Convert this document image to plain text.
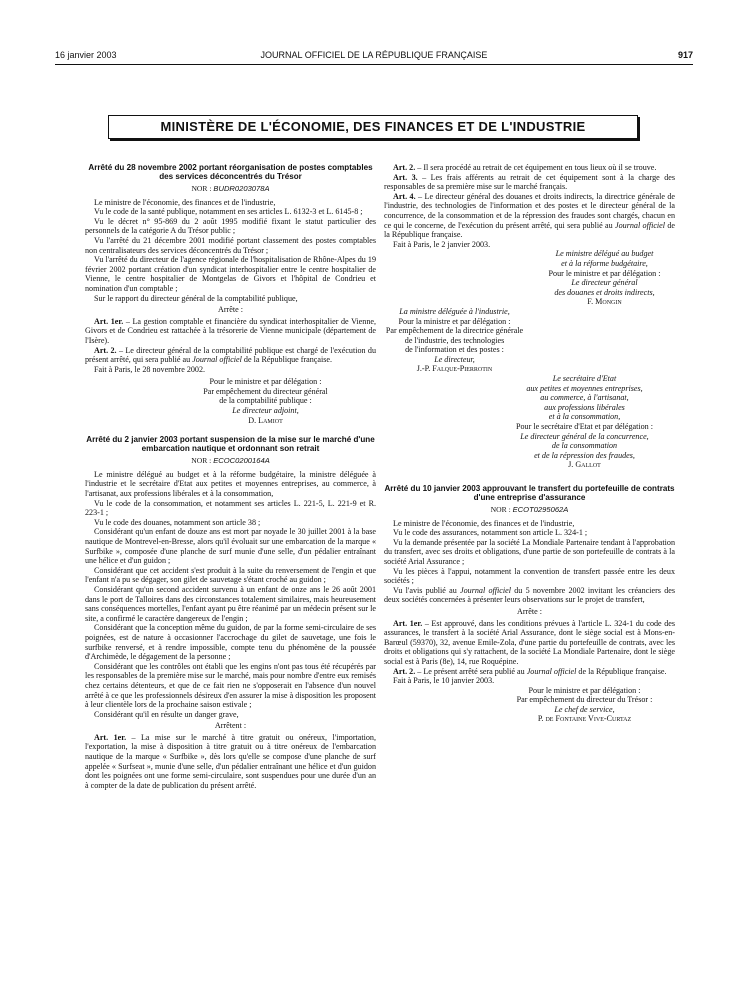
16 janvier 2003	JOURNAL OFFICIEL DE LA RÉPUBLIQUE FRANÇAISE	917
MINISTÈRE DE L'ÉCONOMIE, DES FINANCES ET DE L'INDUSTRIE
Arrêté du 28 novembre 2002 portant réorganisation de postes comptables des services déconcentrés du Trésor
NOR : BUDR0203078A

Le ministre de l'économie, des finances et de l'industrie,

Vu le code de la santé publique, notamment en ses articles L. 6132-3 et L. 6145-8 ;

Vu le décret n° 95-869 du 2 août 1995 modifié fixant le statut particulier des personnels de la catégorie A du Trésor public ;

Vu l'arrêté du 21 décembre 2001 modifié portant classement des postes comptables non centralisateurs des services déconcentrés du Trésor ;

Vu l'arrêté du directeur de l'agence régionale de l'hospitalisation de Rhône-Alpes du 19 février 2002 portant création d'un syndicat interhospitalier entre le centre hospitalier de Vienne, le centre hospitalier de Montgelas de Givors et l'hôpital de Condrieu et nomination d'un comptable ;

Sur le rapport du directeur général de la comptabilité publique,

Arrête :

Art. 1er. – La gestion comptable et financière du syndicat interhospitalier de Vienne, Givors et de Condrieu est rattachée à la trésorerie de Vienne municipale (département de l'Isère).

Art. 2. – Le directeur général de la comptabilité publique est chargé de l'exécution du présent arrêté, qui sera publié au Journal officiel de la République française.

Fait à Paris, le 28 novembre 2002.

Pour le ministre et par délégation :
Par empêchement du directeur général
de la comptabilité publique :
Le directeur adjoint,
D. Lamiot
Arrêté du 2 janvier 2003 portant suspension de la mise sur le marché d'une embarcation nautique et ordonnant son retrait
NOR : ECOC0200164A

Le ministre délégué au budget et à la réforme budgétaire, la ministre déléguée à l'industrie et le secrétaire d'Etat aux petites et moyennes entreprises, au commerce, à l'artisanat, aux professions libérales et à la consommation,

Vu le code de la consommation, et notamment ses articles L. 221-5, L. 221-9 et R. 223-1 ;

Vu le code des douanes, notamment son article 38 ;

Considérant qu'un enfant de douze ans est mort par noyade le 30 juillet 2001 à la base nautique de Montrevel-en-Bresse, alors qu'il évoluait sur une embarcation de la marque « Surfbike », composée d'une planche de surf munie d'une selle, d'un pédalier entraînant une hélice et d'un guidon ;

Considérant que cet accident s'est produit à la suite du renversement de l'engin et que l'enfant n'a pu se dégager, son gilet de sauvetage s'étant croché au guidon ;

Considérant qu'un second accident survenu à un enfant de onze ans le 26 août 2001 dans le port de Talloires dans des circonstances totalement similaires, mais heureusement sans conséquences mortelles, l'enfant ayant pu être réanimé par un médecin présent sur le site, a confirmé le caractère dangereux de l'engin ;

Considérant que la conception même du guidon, de par la forme semi-circulaire de ses poignées, est de nature à occasionner l'accrochage du gilet de sauvetage, une fois le surfbike renversé, et à rendre impossible, compte tenu du phénomène de la poussée d'Archimède, le dégagement de la personne ;

Considérant que les contrôles ont établi que les engins n'ont pas tous été récupérés par les responsables de la première mise sur le marché, mais pour nombre d'entre eux remisés chez certains détenteurs, et que de ce fait rien ne s'opposerait en l'absence d'un nouvel arrêté à ce que les professionnels désireux d'en assurer la mise à disposition les proposent à leur clientèle lors de la prochaine saison estivale ;

Considérant qu'il en résulte un danger grave,

Arrêtent :

Art. 1er. – La mise sur le marché à titre gratuit ou onéreux, l'importation, l'exportation, la mise à disposition à titre gratuit ou à titre onéreux de l'embarcation nautique de la marque « Surfbike », dès lors qu'elle se compose d'une planche de surf appelée « Surfseat », munie d'une selle, d'un pédalier entraînant une hélice et d'un guidon dont les poignées ont une forme semi-circulaire, sont suspendues pour une durée d'un an à compter de la date de publication du présent arrêté.

Art. 2. – Il sera procédé au retrait de cet équipement en tous lieux où il se trouve.

Art. 3. – Les frais afférents au retrait de cet équipement sont à la charge des responsables de sa première mise sur le marché français.

Art. 4. – Le directeur général des douanes et droits indirects, la directrice générale de l'industrie, des technologies de l'information et des postes et le directeur général de la concurrence, de la consommation et de la répression des fraudes sont chargés, chacun en ce qui le concerne, de l'exécution du présent arrêté, qui sera publié au Journal officiel de la République française.

Fait à Paris, le 2 janvier 2003.

Le ministre délégué au budget
et à la réforme budgétaire,
Pour le ministre et par délégation :
Le directeur général
des douanes et droits indirects,
F. Mongin
La ministre déléguée à l'industrie,
Pour la ministre et par délégation :
Par empêchement de la directrice générale
de l'industrie, des technologies
de l'information et des postes :
Le directeur,
J.-P. Falque-Pierrotin
Le secrétaire d'Etat
aux petites et moyennes entreprises,
au commerce, à l'artisanat,
aux professions libérales
et à la consommation,
Pour le secrétaire d'Etat et par délégation :
Le directeur général de la concurrence,
de la consommation
et de la répression des fraudes,
J. Gallot
Arrêté du 10 janvier 2003 approuvant le transfert du portefeuille de contrats d'une entreprise d'assurance
NOR : ECOT0295062A

Le ministre de l'économie, des finances et de l'industrie,

Vu le code des assurances, notamment son article L. 324-1 ;

Vu la demande présentée par la société La Mondiale Partenaire tendant à l'approbation du transfert, avec ses droits et obligations, d'une partie de son portefeuille de contrats à la société Arial Assurance ;

Vu les pièces à l'appui, notamment la convention de transfert passée entre les deux sociétés ;

Vu l'avis publié au Journal officiel du 5 novembre 2002 invitant les créanciers des deux sociétés concernées à présenter leurs observations sur le projet de transfert,

Arrête :

Art. 1er. – Est approuvé, dans les conditions prévues à l'article L. 324-1 du code des assurances, le transfert à la société Arial Assurance, dont le siège social est à Mons-en-Barœul (59370), 32, avenue Emile-Zola, d'une partie du portefeuille de contrats, avec les droits et obligations qui s'y rattachent, de la société La Mondiale Partenaire, dont le siège social est à Paris (8e), 14, rue Roquépine.

Art. 2. – Le présent arrêté sera publié au Journal officiel de la République française.

Fait à Paris, le 10 janvier 2003.

Pour le ministre et par délégation :
Par empêchement du directeur du Trésor :
Le chef de service,
P. de Fontaine Vive-Curtaz
